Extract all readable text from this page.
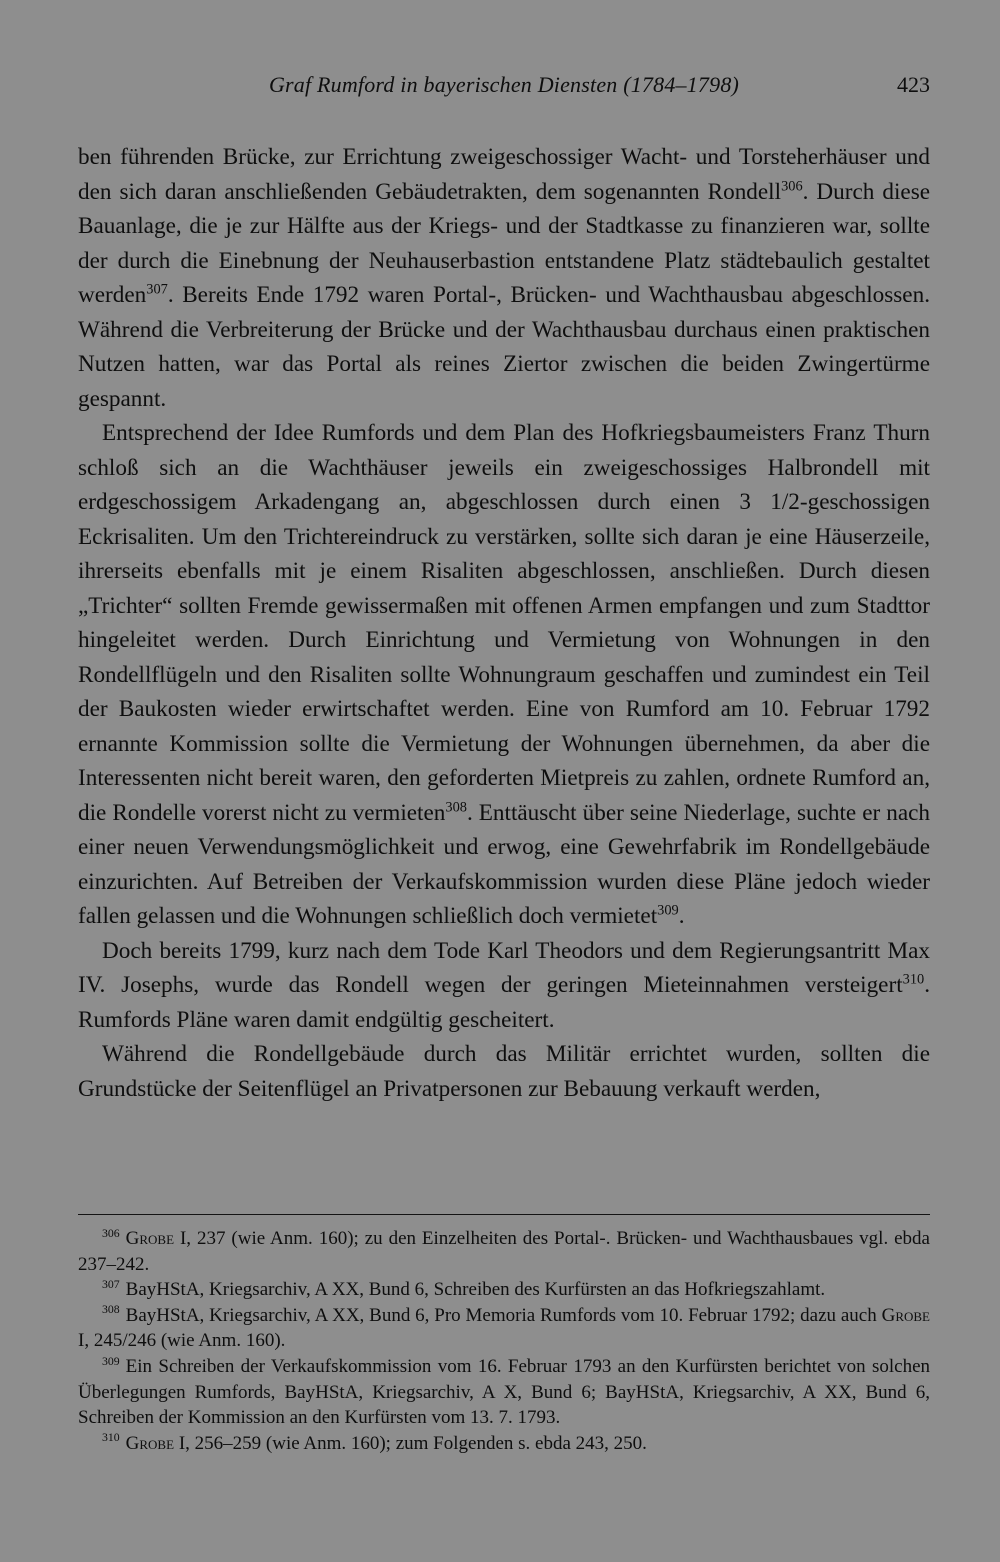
Graf Rumford in bayerischen Diensten (1784–1798)	423

ben führenden Brücke, zur Errichtung zweigeschossiger Wacht- und Torsteherhäuser und den sich daran anschließenden Gebäudetrakten, dem sogenannten Rondell$^{306}$. Durch diese Bauanlage, die je zur Hälfte aus der Kriegs- und der Stadtkasse zu finanzieren war, sollte der durch die Einebnung der Neuhauserbastion entstandene Platz städtebaulich gestaltet werden$^{307}$. Bereits Ende 1792 waren Portal-, Brücken- und Wachthausbau abgeschlossen. Während die Verbreiterung der Brücke und der Wachthausbau durchaus einen praktischen Nutzen hatten, war das Portal als reines Ziertor zwischen die beiden Zwingertürme gespannt.

Entsprechend der Idee Rumfords und dem Plan des Hofkriegsbaumeisters Franz Thurn schloß sich an die Wachthäuser jeweils ein zweigeschossiges Halbrondell mit erdgeschossigem Arkadengang an, abgeschlossen durch einen 3 1/2-geschossigen Eckrisaliten. Um den Trichtereindruck zu verstärken, sollte sich daran je eine Häuserzeile, ihrerseits ebenfalls mit je einem Risaliten abgeschlossen, anschließen. Durch diesen „Trichter“ sollten Fremde gewissermaßen mit offenen Armen empfangen und zum Stadttor hingeleitet werden. Durch Einrichtung und Vermietung von Wohnungen in den Rondellflügeln und den Risaliten sollte Wohnungraum geschaffen und zumindest ein Teil der Baukosten wieder erwirtschaftet werden. Eine von Rumford am 10. Februar 1792 ernannte Kommission sollte die Vermietung der Wohnungen übernehmen, da aber die Interessenten nicht bereit waren, den geforderten Mietpreis zu zahlen, ordnete Rumford an, die Rondelle vorerst nicht zu vermieten$^{308}$. Enttäuscht über seine Niederlage, suchte er nach einer neuen Verwendungsmöglichkeit und erwog, eine Gewehrfabrik im Rondellgebäude einzurichten. Auf Betreiben der Verkaufskommission wurden diese Pläne jedoch wieder fallen gelassen und die Wohnungen schließlich doch vermietet$^{309}$.

Doch bereits 1799, kurz nach dem Tode Karl Theodors und dem Regierungsantritt Max IV. Josephs, wurde das Rondell wegen der geringen Mieteinnahmen versteigert$^{310}$. Rumfords Pläne waren damit endgültig gescheitert.

Während die Rondellgebäude durch das Militär errichtet wurden, sollten die Grundstücke der Seitenflügel an Privatpersonen zur Bebauung verkauft werden,

$^{306}$ Grobe I, 237 (wie Anm. 160); zu den Einzelheiten des Portal-. Brücken- und Wachthausbaues vgl. ebda 237–242.

$^{307}$ BayHStA, Kriegsarchiv, A XX, Bund 6, Schreiben des Kurfürsten an das Hofkriegszahlamt.

$^{308}$ BayHStA, Kriegsarchiv, A XX, Bund 6, Pro Memoria Rumfords vom 10. Februar 1792; dazu auch Grobe I, 245/246 (wie Anm. 160).

$^{309}$ Ein Schreiben der Verkaufskommission vom 16. Februar 1793 an den Kurfürsten berichtet von solchen Überlegungen Rumfords, BayHStA, Kriegsarchiv, A X, Bund 6; BayHStA, Kriegsarchiv, A XX, Bund 6, Schreiben der Kommission an den Kurfürsten vom 13. 7. 1793.

$^{310}$ Grobe I, 256–259 (wie Anm. 160); zum Folgenden s. ebda 243, 250.
